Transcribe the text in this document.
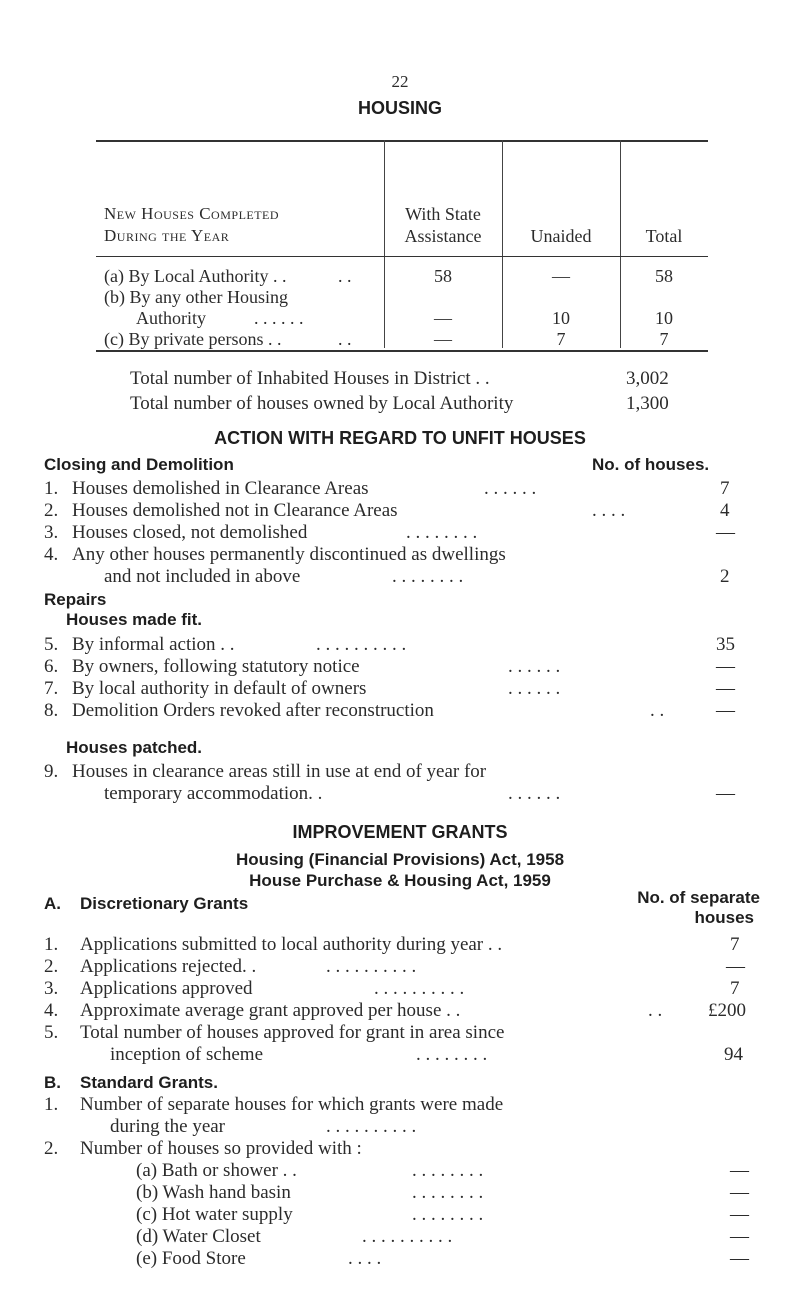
22
HOUSING
New Houses Completed
During the Year
With State
Assistance	Unaided	Total
(a) By Local Authority . .	. .	58	—	58
(b) By any other Housing
Authority	. . . . . .	—	10	10
(c) By private persons . .	. .	—	7	7
Total number of Inhabited Houses in District . .	3,002
Total number of houses owned by Local Authority	1,300
ACTION WITH REGARD TO UNFIT HOUSES
Closing and Demolition	No. of houses.
1. Houses demolished in Clearance Areas	. . . . . .	7
2. Houses demolished not in Clearance Areas	. . . .	4
3. Houses closed, not demolished	. . . . . . . .	—
4. Any other houses permanently discontinued as dwellings
and not included in above	. . . . . . . .	2
Repairs
Houses made fit.
5. By informal action . .	. . . . . . . . . .	35
6. By owners, following statutory notice	. . . . . .	—
7. By local authority in default of owners	. . . . . .	—
8. Demolition Orders revoked after reconstruction	. .	—
Houses patched.
9. Houses in clearance areas still in use at end of year for
temporary accommodation. .	. . . . . .	—
IMPROVEMENT GRANTS
Housing (Financial Provisions) Act, 1958
House Purchase & Housing Act, 1959
A. Discretionary Grants	No. of separate
houses
1. Applications submitted to local authority during year . .	7
2. Applications rejected. .	. . . . . . . . . .	—
3. Applications approved	. . . . . . . . . .	7
4. Approximate average grant approved per house . .	. . £200
5. Total number of houses approved for grant in area since
inception of scheme	. . . . . . . .	94
B. Standard Grants.
1. Number of separate houses for which grants were made
during the year	. . . . . . . . . .
2. Number of houses so provided with :
(a) Bath or shower . .	. . . . . . . .	—
(b) Wash hand basin	. . . . . . . .	—
(c) Hot water supply	. . . . . . . .	—
(d) Water Closet	. . . . . . . . . .	—
(e) Food Store	. . . .	—
